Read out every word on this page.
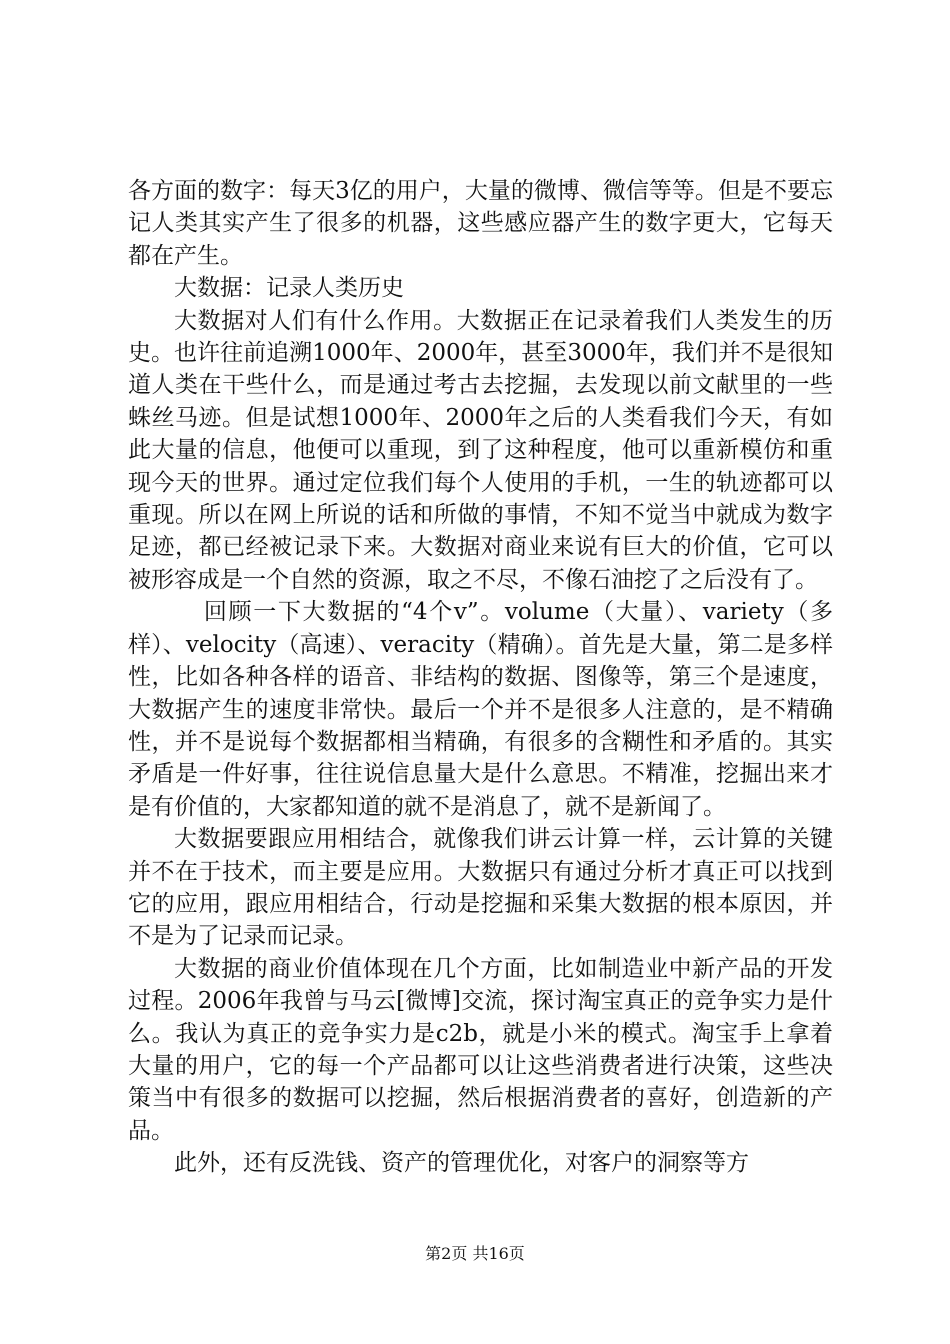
各方面的数字：每天3亿的用户，大量的微博、微信等等。但是不要忘记人类其实产生了很多的机器，这些感应器产生的数字更大，它每天都在产生。

大数据：记录人类历史

大数据对人们有什么作用。大数据正在记录着我们人类发生的历史。也许往前追溯1000年、2000年，甚至3000年，我们并不是很知道人类在干些什么，而是通过考古去挖掘，去发现以前文献里的一些蛛丝马迹。但是试想1000年、2000年之后的人类看我们今天，有如此大量的信息，他便可以重现，到了这种程度，他可以重新模仿和重现今天的世界。通过定位我们每个人使用的手机，一生的轨迹都可以重现。所以在网上所说的话和所做的事情，不知不觉当中就成为数字足迹，都已经被记录下来。大数据对商业来说有巨大的价值，它可以被形容成是一个自然的资源，取之不尽，不像石油挖了之后没有了。

回顾一下大数据的“4个v”。volume（大量）、variety（多样）、velocity（高速）、veracity（精确）。首先是大量，第二是多样性，比如各种各样的语音、非结构的数据、图像等，第三个是速度，大数据产生的速度非常快。最后一个并不是很多人注意的，是不精确性，并不是说每个数据都相当精确，有很多的含糊性和矛盾的。其实矛盾是一件好事，往往说信息量大是什么意思。不精准，挖掘出来才是有价值的，大家都知道的就不是消息了，就不是新闻了。

大数据要跟应用相结合，就像我们讲云计算一样，云计算的关键并不在于技术，而主要是应用。大数据只有通过分析才真正可以找到它的应用，跟应用相结合，行动是挖掘和采集大数据的根本原因，并不是为了记录而记录。

大数据的商业价值体现在几个方面，比如制造业中新产品的开发过程。2006年我曾与马云[微博]交流，探讨淘宝真正的竞争实力是什么。我认为真正的竞争实力是c2b，就是小米的模式。淘宝手上拿着大量的用户，它的每一个产品都可以让这些消费者进行决策，这些决策当中有很多的数据可以挖掘，然后根据消费者的喜好，创造新的产品。

此外，还有反洗钱、资产的管理优化，对客户的洞察等方

第2页 共16页
